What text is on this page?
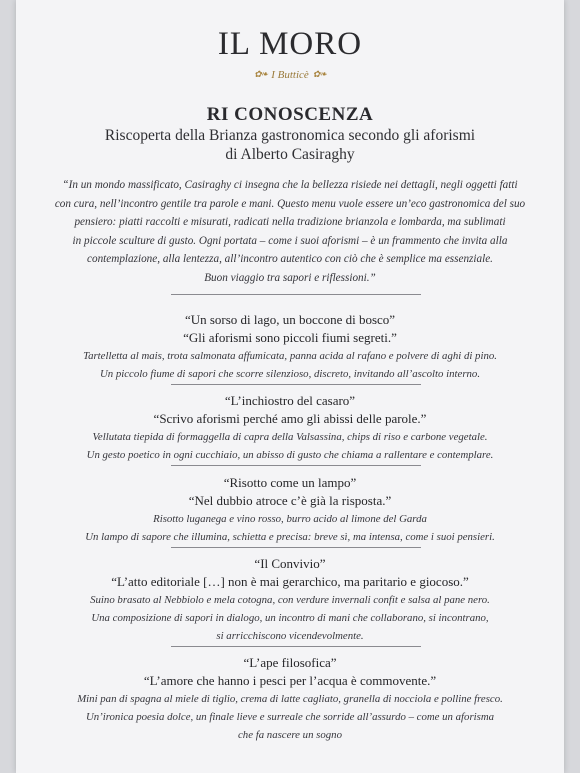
IL MORO
✿❧ I Butticè ✿❧
RI CONOSCENZA
Riscoperta della Brianza gastronomica secondo gli aforismi
di Alberto Casiraghy
“In un mondo massificato, Casiraghy ci insegna che la bellezza risiede nei dettagli, negli oggetti fatti
con cura, nell’incontro gentile tra parole e mani. Questo menu vuole essere un’eco gastronomica del suo
pensiero: piatti raccolti e misurati, radicati nella tradizione brianzola e lombarda, ma sublimati
in piccole sculture di gusto. Ogni portata – come i suoi aforismi – è un frammento che invita alla
contemplazione, alla lentezza, all’incontro autentico con ciò che è semplice ma essenziale.
Buon viaggio tra sapori e riflessioni.”
“Un sorso di lago, un boccone di bosco”
“Gli aforismi sono piccoli fiumi segreti.”
Tartelletta al mais, trota salmonata affumicata, panna acida al rafano e polvere di aghi di pino.
Un piccolo fiume di sapori che scorre silenzioso, discreto, invitando all’ascolto interno.
“L’inchiostro del casaro”
“Scrivo aforismi perché amo gli abissi delle parole.”
Vellutata tiepida di formaggella di capra della Valsassina, chips di riso e carbone vegetale.
Un gesto poetico in ogni cucchiaio, un abisso di gusto che chiama a rallentare e contemplare.
“Risotto come un lampo”
“Nel dubbio atroce c’è già la risposta.”
Risotto luganega e vino rosso, burro acido al limone del Garda
Un lampo di sapore che illumina, schietta e precisa: breve sì, ma intensa, come i suoi pensieri.
“Il Convivio”
“L’atto editoriale […] non è mai gerarchico, ma paritario e giocoso.”
Suino brasato al Nebbiolo e mela cotogna, con verdure invernali confit e salsa al pane nero.
Una composizione di sapori in dialogo, un incontro di mani che collaborano, si incontrano,
si arricchiscono vicendevolmente.
“L’ape filosofica”
“L’amore che hanno i pesci per l’acqua è commovente.”
Mini pan di spagna al miele di tiglio, crema di latte cagliato, granella di nocciola e polline fresco.
Un’ironica poesia dolce, un finale lieve e surreale che sorride all’assurdo – come un aforisma
che fa nascere un sogno
